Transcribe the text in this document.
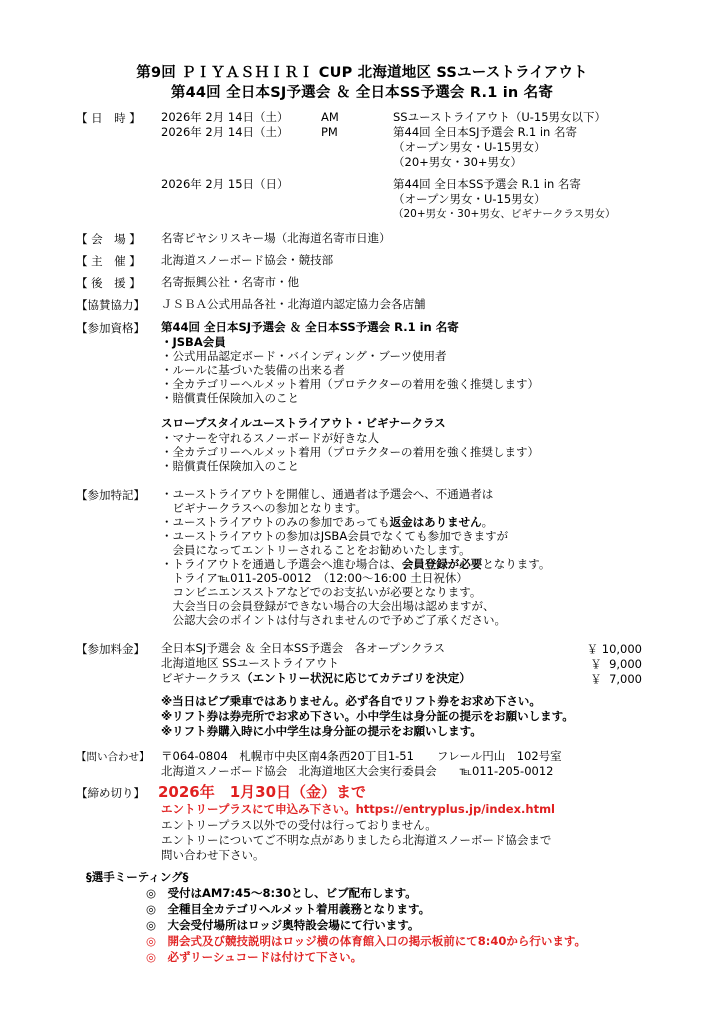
第9回 ＰＩＹＡＳＨＩＲＩ CUP 北海道地区 SSユーストライアウト
第44回 全日本SJ予選会 ＆ 全日本SS予選会 R.1 in 名寄
【 日　時 】 2026年 2月 14日（土）	AM	SSユーストライアウト（U-15男女以下）
2026年 2月 14日（土）	PM	第44回 全日本SJ予選会 R.1 in 名寄
（オープン男女・U-15男女）
（20+男女・30+男女）
2026年 2月 15日（日）	第44回 全日本SS予選会 R.1 in 名寄
（オープン男女・U-15男女）
（20+男女・30+男女、ビギナークラス男女）
【 会　場 】 名寄ピヤシリスキー場（北海道名寄市日進）
【 主　催 】 北海道スノーボード協会・競技部
【 後　援 】 名寄振興公社・名寄市・他
【協賛協力】 ＪＳＢＡ公式用品各社・北海道内認定協力会各店舗
【参加資格】 第44回 全日本SJ予選会 ＆ 全日本SS予選会 R.1 in 名寄
・JSBA会員
・公式用品認定ボード・バインディング・ブーツ使用者
・ルールに基づいた装備の出来る者
・全カテゴリーヘルメット着用（プロテクターの着用を強く推奨します）
・賠償責任保険加入のこと
スロープスタイルユーストライアウト・ビギナークラス
・マナーを守れるスノーボードが好きな人
・全カテゴリーヘルメット着用（プロテクターの着用を強く推奨します）
・賠償責任保険加入のこと
【参加特記】 ・ユーストライアウトを開催し、通過者は予選会へ、不通過者は
　ビギナークラスへの参加となります。
・ユーストライアウトのみの参加であっても返金はありません。
・ユーストライアウトの参加はJSBA会員でなくても参加できますが
　会員になってエントリーされることをお勧めいたします。
・トライアウトを通過し予選会へ進む場合は、会員登録が必要となります。
　トライア℡011-205-0012　（12:00～16:00 土日祝休）
　コンビニエンスストアなどでのお支払いが必要となります。
　大会当日の会員登録ができない場合の大会出場は認めますが、
　公認大会のポイントは付与されませんので予めご了承ください。
【参加料金】 全日本SJ予選会 ＆ 全日本SS予選会　各オープンクラス	￥ 10,000
北海道地区 SSユーストライアウト	￥  9,000
ビギナークラス（エントリー状況に応じてカテゴリを決定）	￥  7,000
※当日はピブ乗車ではありません。必ず各自でリフト券をお求め下さい。
※リフト券は券売所でお求め下さい。小中学生は身分証の提示をお願いします。
※リフト券購入時に小中学生は身分証の提示をお願いします。
【問い合わせ】 〒064-0804　札幌市中央区南4条西20丁目1-51　　フレール円山　102号室
北海道スノーボード協会　北海道地区大会実行委員会　　℡011-205-0012
【締め切り】 2026年　1月30日（金）まで
エントリープラスにて申込み下さい。https://entryplus.jp/index.html
エントリープラス以外での受付は行っておりません。
エントリーについてご不明な点がありましたら北海道スノーボード協会まで
問い合わせ下さい。
§選手ミーティング§
◎　受付はAM7:45～8:30とし、ビブ配布します。
◎　全種目全カテゴリヘルメット着用義務となります。
◎　大会受付場所はロッジ奥特設会場にて行います。
◎　開会式及び競技説明はロッジ横の体育館入口の掲示板前にて8:40から行います。
◎　必ずリーシュコードは付けて下さい。
